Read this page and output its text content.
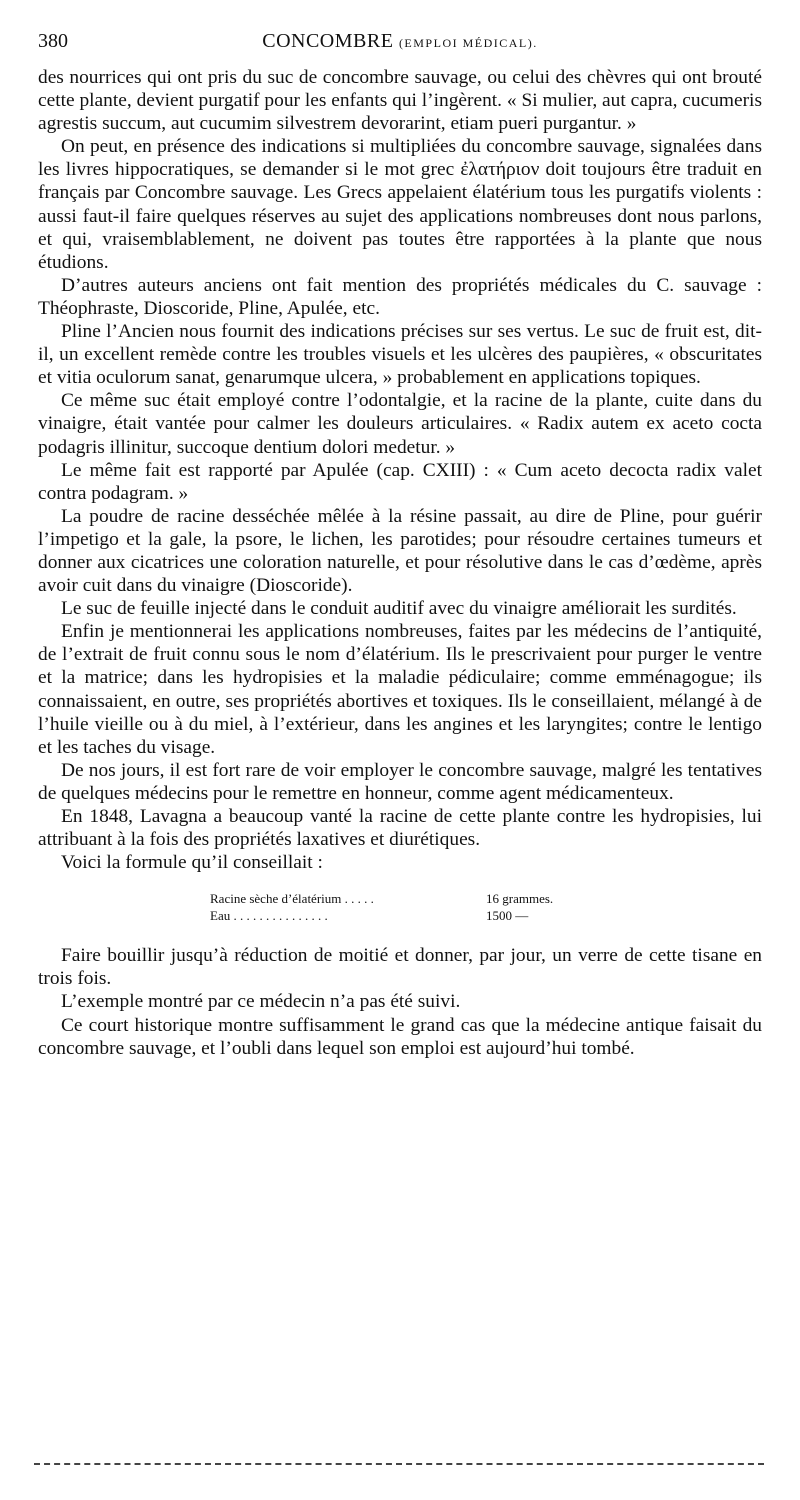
380	CONCOMBRE (EMPLOI MÉDICAL).

des nourrices qui ont pris du suc de concombre sauvage, ou celui des chèvres qui ont brouté cette plante, devient purgatif pour les enfants qui l’ingèrent. « Si mulier, aut capra, cucumeris agrestis succum, aut cucumim silvestrem devorarint, etiam pueri purgantur. »

On peut, en présence des indications si multipliées du concombre sauvage, signalées dans les livres hippocratiques, se demander si le mot grec ἐλατήριον doit toujours être traduit en français par Concombre sauvage. Les Grecs appelaient élatérium tous les purgatifs violents : aussi faut-il faire quelques réserves au sujet des applications nombreuses dont nous parlons, et qui, vraisemblablement, ne doivent pas toutes être rapportées à la plante que nous étudions.

D’autres auteurs anciens ont fait mention des propriétés médicales du C. sauvage : Théophraste, Dioscoride, Pline, Apulée, etc.

Pline l’Ancien nous fournit des indications précises sur ses vertus. Le suc de fruit est, dit-il, un excellent remède contre les troubles visuels et les ulcères des paupières, « obscuritates et vitia oculorum sanat, genarumque ulcera, » probablement en applications topiques.

Ce même suc était employé contre l’odontalgie, et la racine de la plante, cuite dans du vinaigre, était vantée pour calmer les douleurs articulaires. « Radix autem ex aceto cocta podagris illinitur, succoque dentium dolori medetur. »

Le même fait est rapporté par Apulée (cap. CXIII) : « Cum aceto decocta radix valet contra podagram. »

La poudre de racine desséchée mêlée à la résine passait, au dire de Pline, pour guérir l’impetigo et la gale, la psore, le lichen, les parotides; pour résoudre certaines tumeurs et donner aux cicatrices une coloration naturelle, et pour résolutive dans le cas d’œdème, après avoir cuit dans du vinaigre (Dioscoride).

Le suc de feuille injecté dans le conduit auditif avec du vinaigre améliorait les surdités.

Enfin je mentionnerai les applications nombreuses, faites par les médecins de l’antiquité, de l’extrait de fruit connu sous le nom d’élatérium. Ils le prescrivaient pour purger le ventre et la matrice; dans les hydropisies et la maladie pédiculaire; comme emménagogue; ils connaissaient, en outre, ses propriétés abortives et toxiques. Ils le conseillaient, mélangé à de l’huile vieille ou à du miel, à l’extérieur, dans les angines et les laryngites; contre le lentigo et les taches du visage.

De nos jours, il est fort rare de voir employer le concombre sauvage, malgré les tentatives de quelques médecins pour le remettre en honneur, comme agent médicamenteux.

En 1848, Lavagna a beaucoup vanté la racine de cette plante contre les hydropisies, lui attribuant à la fois des propriétés laxatives et diurétiques.

Voici la formule qu’il conseillait :

Racine sèche d’élatérium . . . . .	16 grammes.
Eau . . . . . . . . . . . . . . .	1500 —

Faire bouillir jusqu’à réduction de moitié et donner, par jour, un verre de cette tisane en trois fois.

L’exemple montré par ce médecin n’a pas été suivi.

Ce court historique montre suffisamment le grand cas que la médecine antique faisait du concombre sauvage, et l’oubli dans lequel son emploi est aujourd’hui tombé.
